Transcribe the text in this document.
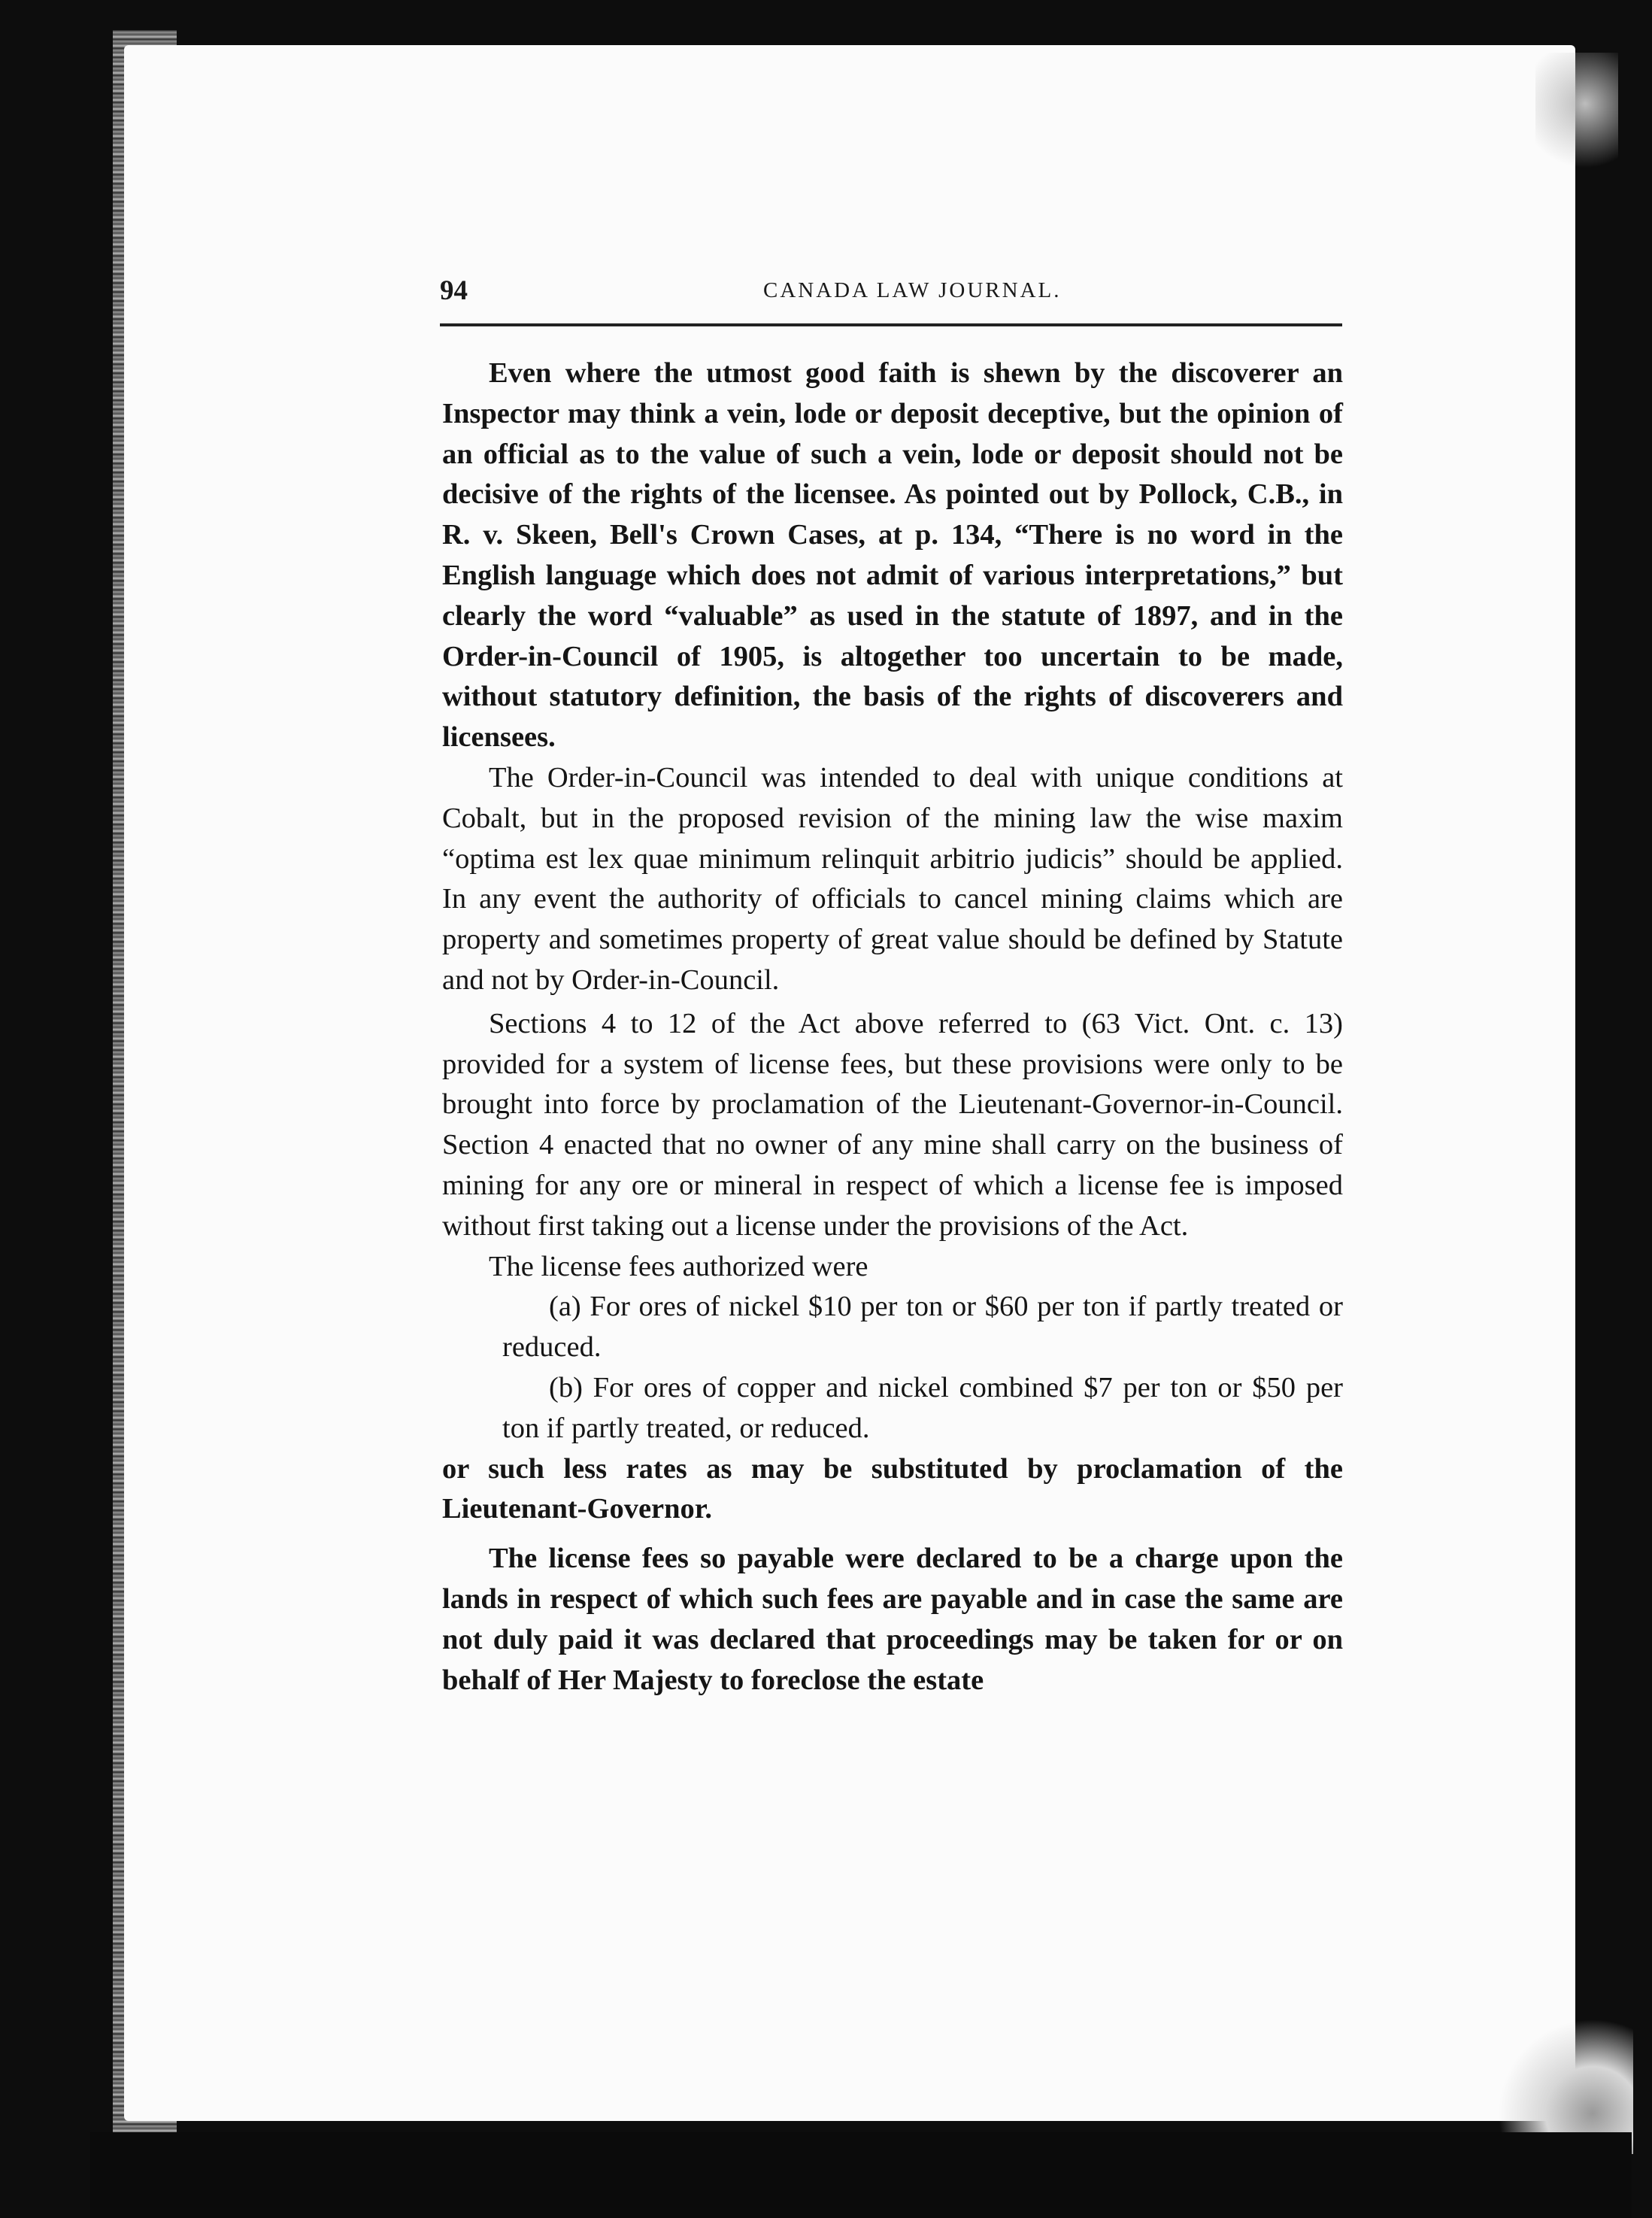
94	CANADA LAW JOURNAL.

Even where the utmost good faith is shewn by the discoverer an Inspector may think a vein, lode or deposit deceptive, but the opinion of an official as to the value of such a vein, lode or deposit should not be decisive of the rights of the licensee. As pointed out by Pollock, C.B., in R. v. Skeen, Bell's Crown Cases, at p. 134, “There is no word in the English language which does not admit of various interpretations,” but clearly the word “valuable” as used in the statute of 1897, and in the Order-in-Council of 1905, is altogether too uncertain to be made, without statutory definition, the basis of the rights of discoverers and licensees.

The Order-in-Council was intended to deal with unique conditions at Cobalt, but in the proposed revision of the mining law the wise maxim “optima est lex quae minimum relinquit arbitrio judicis” should be applied. In any event the authority of officials to cancel mining claims which are property and sometimes property of great value should be defined by Statute and not by Order-in-Council.

Sections 4 to 12 of the Act above referred to (63 Vict. Ont. c. 13) provided for a system of license fees, but these provisions were only to be brought into force by proclamation of the Lieutenant-Governor-in-Council. Section 4 enacted that no owner of any mine shall carry on the business of mining for any ore or mineral in respect of which a license fee is imposed without first taking out a license under the provisions of the Act.

The license fees authorized were

(a) For ores of nickel $10 per ton or $60 per ton if partly treated or reduced.

(b) For ores of copper and nickel combined $7 per ton or $50 per ton if partly treated, or reduced.

or such less rates as may be substituted by proclamation of the Lieutenant-Governor.

The license fees so payable were declared to be a charge upon the lands in respect of which such fees are payable and in case the same are not duly paid it was declared that proceedings may be taken for or on behalf of Her Majesty to foreclose the estate
